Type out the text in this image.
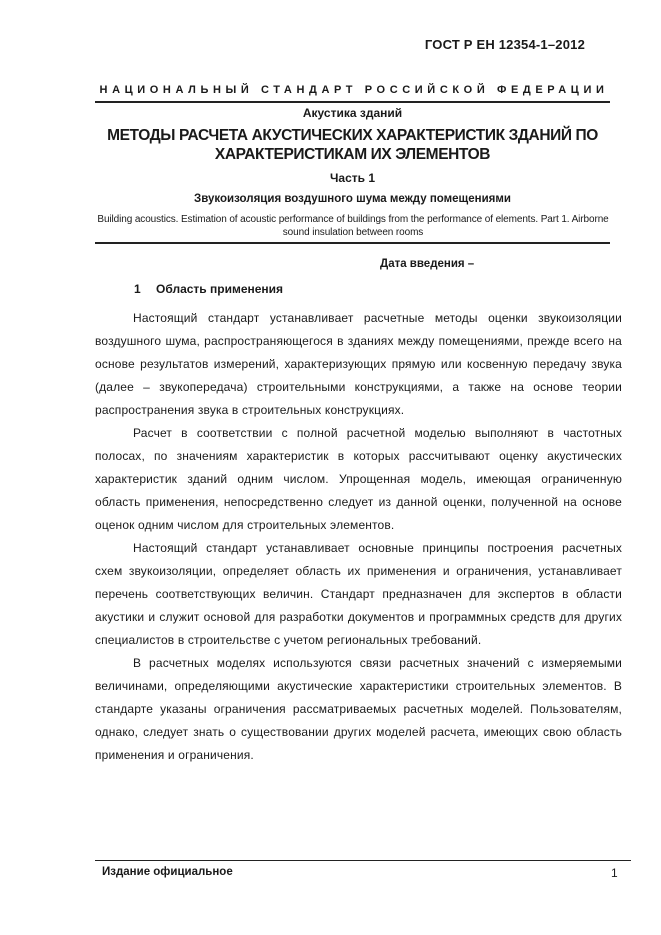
ГОСТ Р ЕН 12354-1–2012
НАЦИОНАЛЬНЫЙ СТАНДАРТ РОССИЙСКОЙ ФЕДЕРАЦИИ
Акустика зданий
МЕТОДЫ РАСЧЕТА АКУСТИЧЕСКИХ ХАРАКТЕРИСТИК ЗДАНИЙ ПО ХАРАКТЕРИСТИКАМ ИХ ЭЛЕМЕНТОВ
Часть 1
Звукоизоляция воздушного шума между помещениями
Building acoustics. Estimation of acoustic performance of buildings from the performance of elements. Part 1. Airborne sound insulation between rooms
Дата введения –
1 Область применения

Настоящий стандарт устанавливает расчетные методы оценки звукоизоляции воздушного шума, распространяющегося в зданиях между помещениями, прежде всего на основе результатов измерений, характеризующих прямую или косвенную передачу звука (далее – звукопередача) строительными конструкциями, а также на основе теории распространения звука в строительных конструкциях.

Расчет в соответствии с полной расчетной моделью выполняют в частотных полосах, по значениям характеристик в которых рассчитывают оценку акустических характеристик зданий одним числом. Упрощенная модель, имеющая ограниченную область применения, непосредственно следует из данной оценки, полученной на основе оценок одним числом для строительных элементов.

Настоящий стандарт устанавливает основные принципы построения расчетных схем звукоизоляции, определяет область их применения и ограничения, устанавливает перечень соответствующих величин. Стандарт предназначен для экспертов в области акустики и служит основой для разработки документов и программных средств для других специалистов в строительстве с учетом региональных требований.

В расчетных моделях используются связи расчетных значений с измеряемыми величинами, определяющими акустические характеристики строительных элементов. В стандарте указаны ограничения рассматриваемых расчетных моделей. Пользователям, однако, следует знать о существовании других моделей расчета, имеющих свою область применения и ограничения.

Издание официальное	1
